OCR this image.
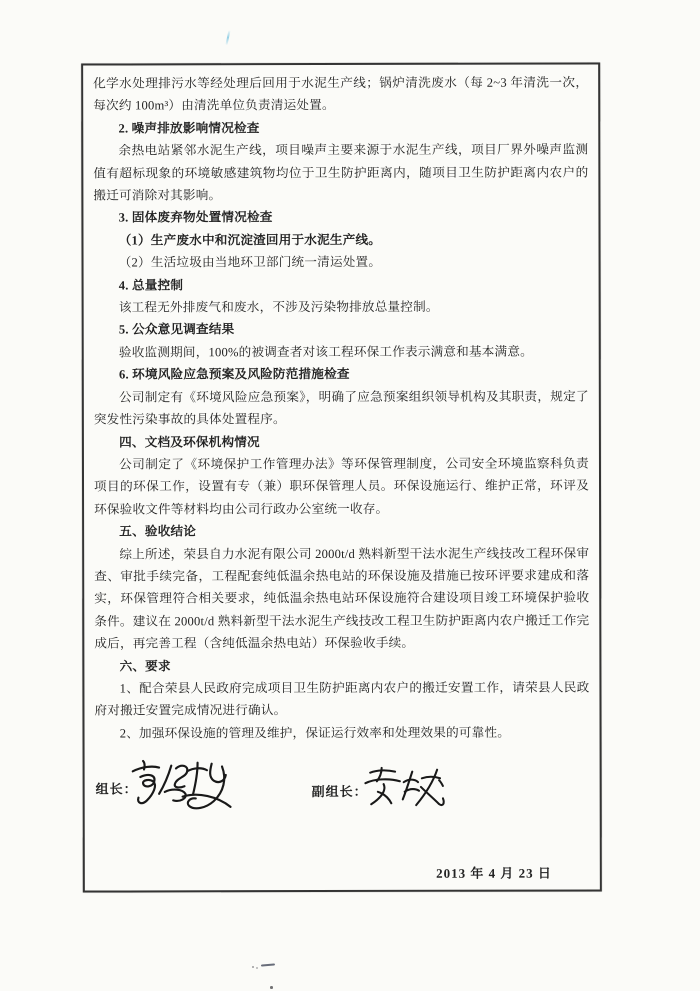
化学水处理排污水等经处理后回用于水泥生产线；锅炉清洗废水（每 2~3 年清洗一次，每次约 100m³）由清洗单位负责清运处置。

2. 噪声排放影响情况检查

余热电站紧邻水泥生产线，项目噪声主要来源于水泥生产线，项目厂界外噪声监测值有超标现象的环境敏感建筑物均位于卫生防护距离内，随项目卫生防护距离内农户的搬迁可消除对其影响。

3. 固体废弃物处置情况检查

（1）生产废水中和沉淀渣回用于水泥生产线。

（2）生活垃圾由当地环卫部门统一清运处置。

4. 总量控制

该工程无外排废气和废水，不涉及污染物排放总量控制。

5. 公众意见调查结果

验收监测期间，100%的被调查者对该工程环保工作表示满意和基本满意。

6. 环境风险应急预案及风险防范措施检查

公司制定有《环境风险应急预案》，明确了应急预案组织领导机构及其职责，规定了突发性污染事故的具体处置程序。

四、文档及环保机构情况

公司制定了《环境保护工作管理办法》等环保管理制度，公司安全环境监察科负责项目的环保工作，设置有专（兼）职环保管理人员。环保设施运行、维护正常，环评及环保验收文件等材料均由公司行政办公室统一收存。

五、验收结论

综上所述，荣县自力水泥有限公司 2000t/d 熟料新型干法水泥生产线技改工程环保审查、审批手续完备，工程配套纯低温余热电站的环保设施及措施已按环评要求建成和落实，环保管理符合相关要求，纯低温余热电站环保设施符合建设项目竣工环境保护验收条件。建议在 2000t/d 熟料新型干法水泥生产线技改工程卫生防护距离内农户搬迁工作完成后，再完善工程（含纯低温余热电站）环保验收手续。

六、要求

1、配合荣县人民政府完成项目卫生防护距离内农户的搬迁安置工作，请荣县人民政府对搬迁安置完成情况进行确认。

2、加强环保设施的管理及维护，保证运行效率和处理效果的可靠性。

组长：	副组长：
2013 年 4 月 23 日
